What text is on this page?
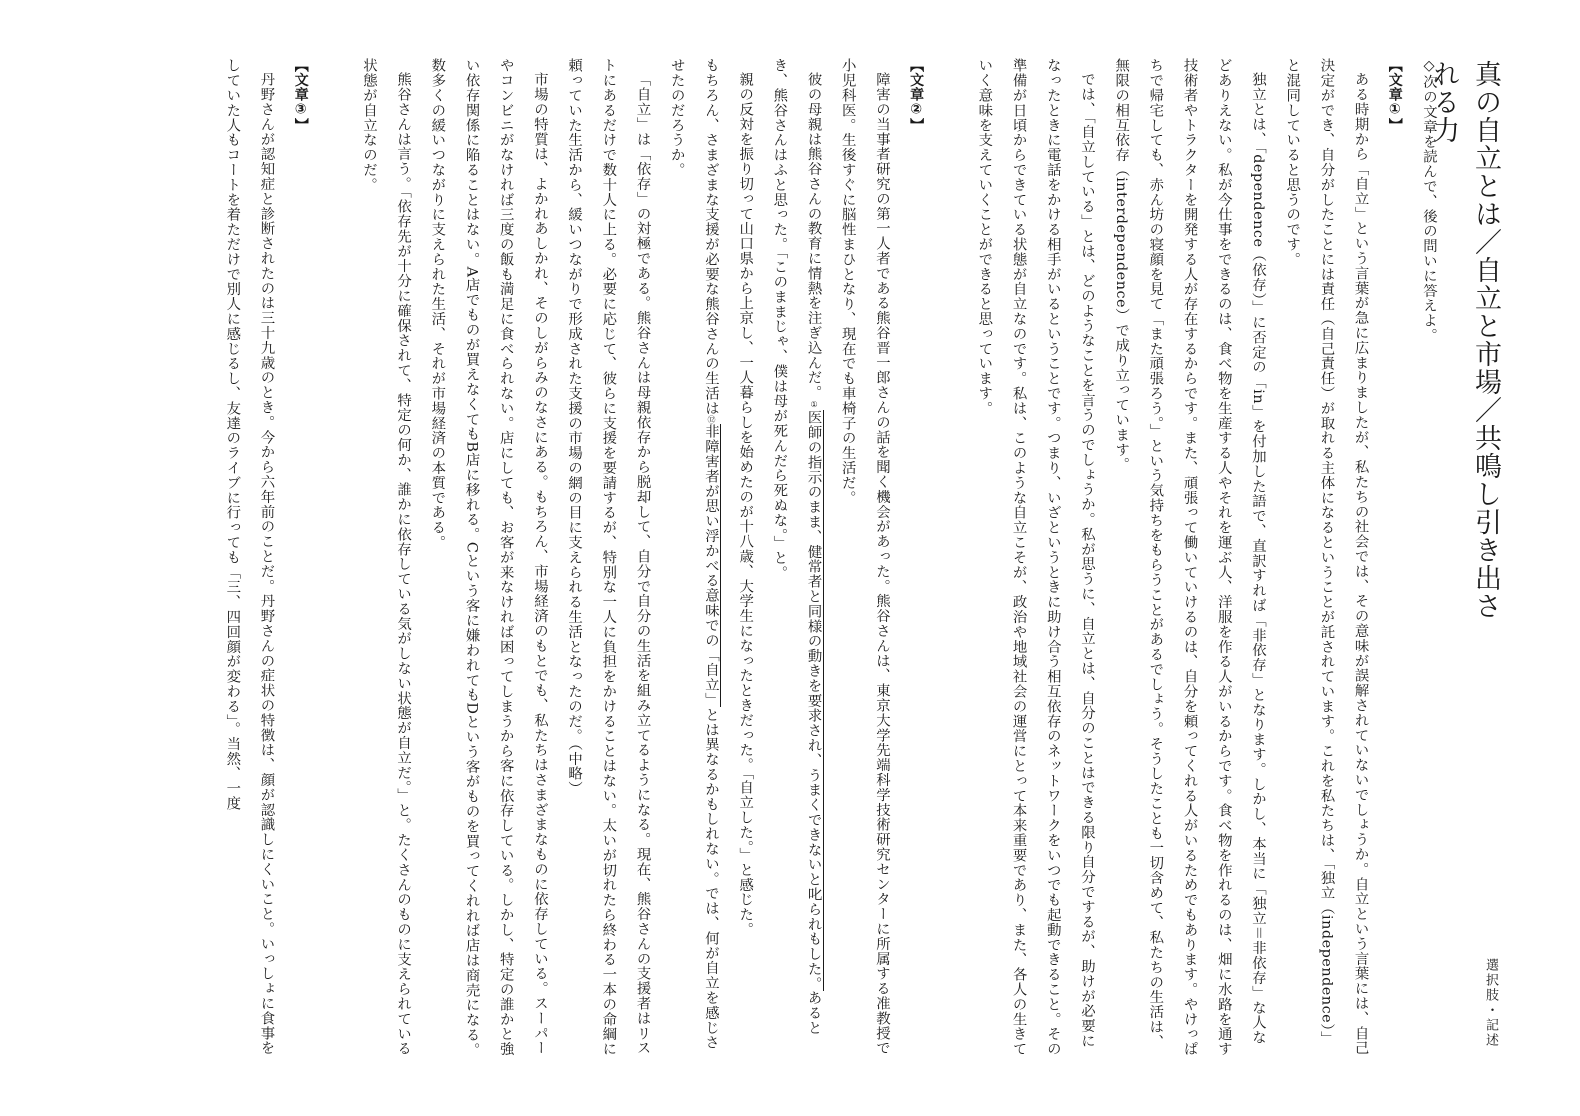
真の自立とは／自立と市場／共鳴し引き出される力
選択肢・記述

◇次の文章を読んで、後の問いに答えよ。

【文章①】

ある時期から「自立」という言葉が急に広まりましたが、私たちの社会では、その意味が誤解されていないでしょうか。自立という言葉には、自己決定ができ、自分がしたことには責任（自己責任）が取れる主体になるということが託されています。これを私たちは、「独立（independence）」と混同していると思うのです。

独立とは、「dependence（依存）」に否定の「in」を付加した語で、直訳すれば「非依存」となります。しかし、本当に「独立＝非依存」な人などありえない。私が今仕事をできるのは、食べ物を生産する人やそれを運ぶ人、洋服を作る人がいるからです。食べ物を作れるのは、畑に水路を通す技術者やトラクターを開発する人が存在するからです。また、頑張って働いていけるのは、自分を頼ってくれる人がいるためでもあります。やけっぱちで帰宅しても、赤ん坊の寝顔を見て「また頑張ろう。」という気持ちをもらうことがあるでしょう。そうしたことも一切含めて、私たちの生活は、無限の相互依存（interdependence）で成り立っています。

では、「自立している」とは、どのようなことを言うのでしょうか。私が思うに、自立とは、自分のことはできる限り自分でするが、助けが必要になったときに電話をかける相手がいるということです。つまり、いざというときに助け合う相互依存のネットワークをいつでも起動できること。その準備が日頃からできている状態が自立なのです。私は、このような自立こそが、政治や地域社会の運営にとって本来重要であり、また、各人の生きていく意味を支えていくことができると思っています。

【文章②】

障害の当事者研究の第一人者である熊谷晋一郎さんの話を聞く機会があった。熊谷さんは、東京大学先端科学技術研究センターに所属する准教授で小児科医。生後すぐに脳性まひとなり、現在でも車椅子の生活だ。

彼の母親は熊谷さんの教育に情熱を注ぎ込んだ。①医師の指示のまま、健常者と同様の動きを要求され、うまくできないと叱られもした。あるとき、熊谷さんはふと思った。「このままじゃ、僕は母が死んだら死ぬな。」と。

親の反対を振り切って山口県から上京し、一人暮らしを始めたのが十八歳、大学生になったときだった。「自立した。」と感じた。

もちろん、さまざまな支援が必要な熊谷さんの生活は⑫非障害者が思い浮かべる意味での「自立」とは異なるかもしれない。では、何が自立を感じさせたのだろうか。

「自立」は「依存」の対極である。熊谷さんは母親依存から脱却して、自分で自分の生活を組み立てるようになる。現在、熊谷さんの支援者はリストにあるだけで数十人に上る。必要に応じて、彼らに支援を要請するが、特別な一人に負担をかけることはない。太いが切れたら終わる一本の命綱に頼っていた生活から、緩いつながりで形成された支援の市場の網の目に支えられる生活となったのだ。（中略）

市場の特質は、よかれあしかれ、そのしがらみのなさにある。もちろん、市場経済のもとでも、私たちはさまざまなものに依存している。スーパーやコンビニがなければ三度の飯も満足に食べられない。店にしても、お客が来なければ困ってしまうから客に依存している。しかし、特定の誰かと強い依存関係に陥ることはない。A店でものが買えなくてもB店に移れる。Cという客に嫌われてもDという客がものを買ってくれれば店は商売になる。数多くの緩いつながりに支えられた生活、それが市場経済の本質である。

熊谷さんは言う。「依存先が十分に確保されて、特定の何か、誰かに依存している気がしない状態が自立だ。」と。たくさんのものに支えられている状態が自立なのだ。

【文章③】

丹野さんが認知症と診断されたのは三十九歳のとき。今から六年前のことだ。丹野さんの症状の特徴は、顔が認識しにくいこと。いっしょに食事をしていた人もコートを着ただけで別人に感じるし、友達のライブに行っても「三、四回顔が変わる」。当然、一度
